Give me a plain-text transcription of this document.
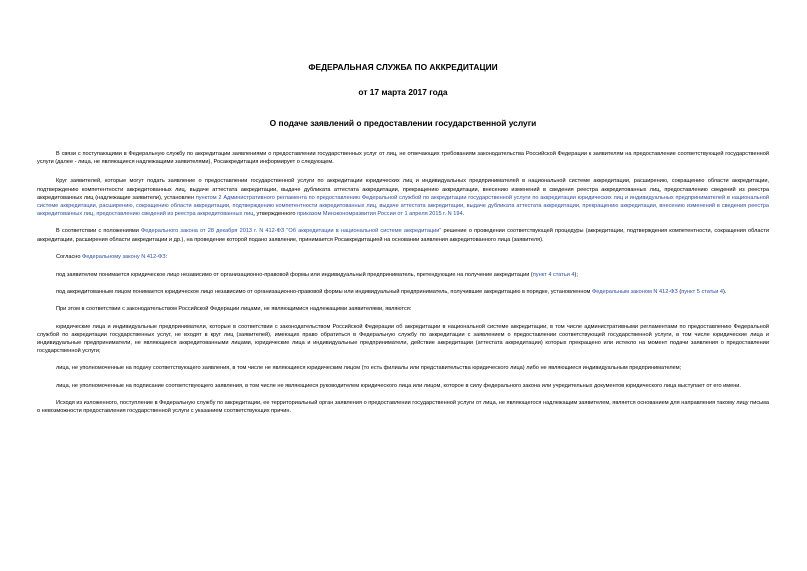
ФЕДЕРАЛЬНАЯ СЛУЖБА ПО АККРЕДИТАЦИИ

от 17 марта 2017 года

О подаче заявлений о предоставлении государственной услуги

В связи с поступающими в Федеральную службу по аккредитации заявлениями о предоставлении государственных услуг от лиц, не отвечающих требованиям законодательства Российской Федерации к заявителям на предоставление соответствующей государственной услуги (далее - лица, не являющиеся надлежащими заявителями), Росаккредитация информирует о следующем.

Круг заявителей, которые могут подать заявление о предоставлении государственной услуги по аккредитации юридических лиц и индивидуальных предпринимателей в национальной системе аккредитации, расширению, сокращению области аккредитации, подтверждению компетентности аккредитованных лиц, выдаче аттестата аккредитации, выдаче дубликата аттестата аккредитации, прекращению аккредитации, внесению изменений в сведения реестра аккредитованных лиц, предоставлению сведений из реестра аккредитованных лиц (надлежащие заявители), установлен пунктом 2 Административного регламента по предоставлению Федеральной службой по аккредитации государственной услуги по аккредитации юридических лиц и индивидуальных предпринимателей в национальной системе аккредитации, расширению, сокращению области аккредитации, подтверждению компетентности аккредитованных лиц, выдаче аттестата аккредитации, выдаче дубликата аттестата аккредитации, прекращению аккредитации, внесению изменений в сведения реестра аккредитованных лиц, предоставлению сведений из реестра аккредитованных лиц, утвержденного приказом Минэкономразвития России от 1 апреля 2015 г. N 194.

В соответствии с положениями Федерального закона от 28 декабря 2013 г. N 412-ФЗ "Об аккредитации в национальной системе аккредитации" решение о проведении соответствующей процедуры (аккредитации, подтверждения компетентности, сокращения области аккредитации, расширения области аккредитации и др.), на проведение которой подано заявление, принимается Росаккредитацией на основании заявления аккредитованного лица (заявителя).

Согласно Федеральному закону N 412-ФЗ:

под заявителем понимается юридическое лицо независимо от организационно-правовой формы или индивидуальный предприниматель, претендующие на получение аккредитации (пункт 4 статьи 4);

под аккредитованным лицом понимается юридическое лицо независимо от организационно-правовой формы или индивидуальный предприниматель, получившие аккредитацию в порядке, установленном Федеральным законом N 412-ФЗ (пункт 5 статьи 4).

При этом в соответствии с законодательством Российской Федерации лицами, не являющимися надлежащими заявителями, являются:

юридические лица и индивидуальные предприниматели, которые в соответствии с законодательством Российской Федерации об аккредитации в национальной системе аккредитации, в том числе административными регламентами по предоставлению Федеральной службой по аккредитации государственных услуг, не входят в круг лиц (заявителей), имеющих право обратиться в Федеральную службу по аккредитации с заявлением о предоставлении соответствующей государственной услуги, в том числе юридические лица и индивидуальные предприниматели, не являющиеся аккредитованными лицами, юридические лица и индивидуальные предприниматели, действие аккредитации (аттестата аккредитации) которых прекращено или истекло на момент подачи заявления о предоставлении государственной услуги;

лица, не уполномоченные на подачу соответствующего заявления, в том числе не являющиеся юридическим лицом (то есть филиалы или представительства юридического лица) либо не являющиеся индивидуальным предпринимателем;

лица, не уполномоченные на подписание соответствующего заявления, в том числе не являющиеся руководителем юридического лица или лицом, которое в силу федерального закона или учредительных документов юридического лица выступает от его имени.

Исходя из изложенного, поступление в Федеральную службу по аккредитации, ее территориальный орган заявления о предоставлении государственной услуги от лица, не являющегося надлежащим заявителем, является основанием для направления такому лицу письма о невозможности предоставления государственной услуги с указанием соответствующих причин.
